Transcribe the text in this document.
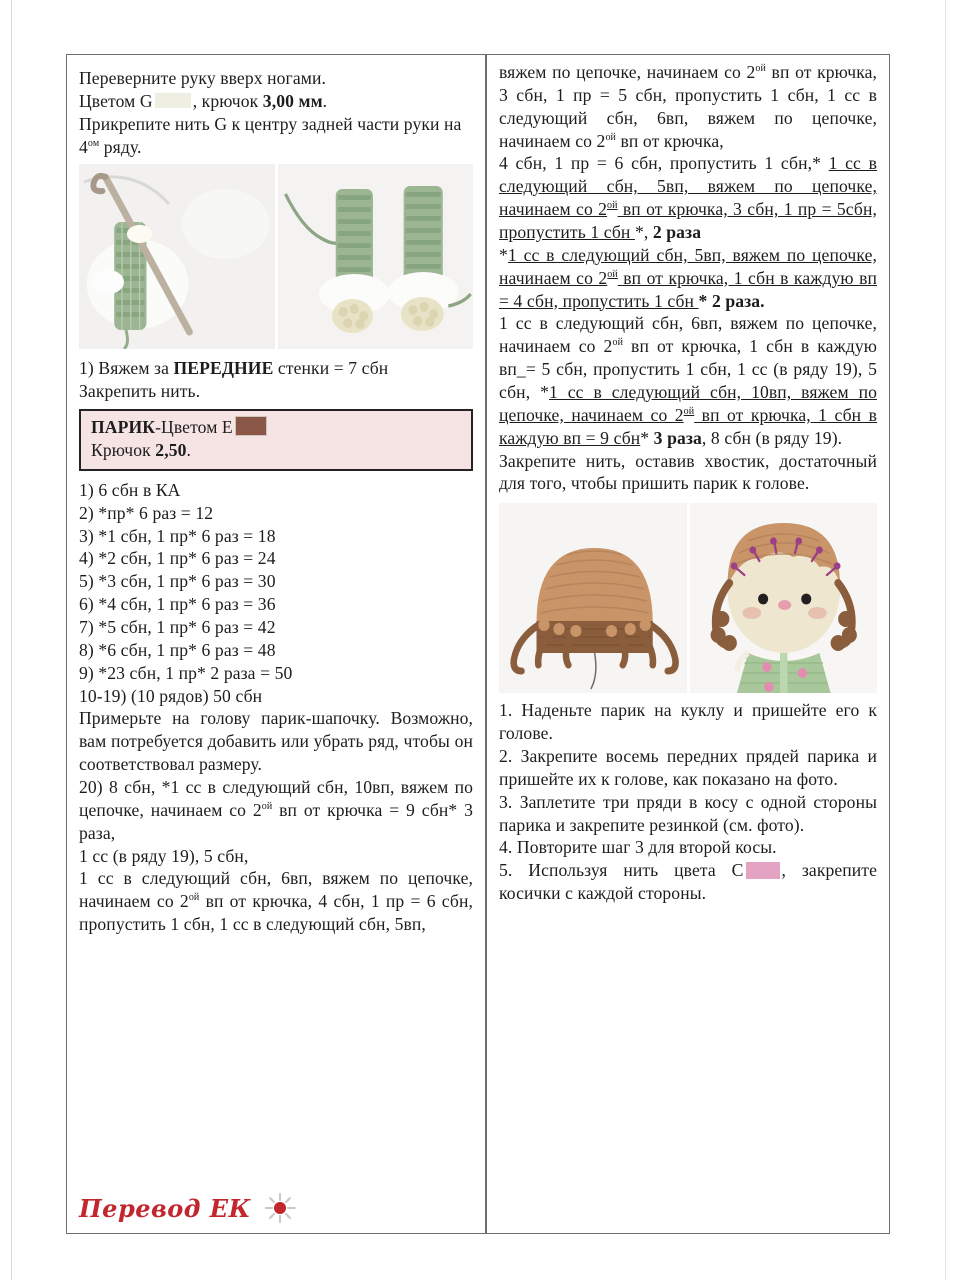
Переверните руку вверх ногами.

Цветом G , крючок 3,00 мм.

Прикрепите нить G к центру задней части руки на

$4^{ом}$ ряду.

1) Вяжем за ПЕРЕДНИЕ стенки = 7 сбн

Закрепить нить.

ПАРИК-Цветом E

Крючок 2,50.

1) 6 сбн в КА

2) *пр* 6 раз = 12

3) *1 сбн, 1 пр* 6 раз = 18

4) *2 сбн, 1 пр* 6 раз = 24

5) *3 сбн, 1 пр* 6 раз = 30

6) *4 сбн, 1 пр* 6 раз = 36

7) *5 сбн, 1 пр* 6 раз = 42

8) *6 сбн, 1 пр* 6 раз = 48

9) *23 сбн, 1 пр* 2 раза = 50

10-19) (10 рядов) 50 сбн

Примерьте на голову парик-шапочку. Возможно, вам потребуется добавить или убрать ряд, чтобы он соответствовал размеру.

20) 8 сбн, *1 сс в следующий сбн, 10вп, вяжем по цепочке, начинаем со $2^{ой}$ вп от крючка = 9 сбн* 3 раза,

1 сс (в ряду 19), 5 сбн,

1 сс в следующий сбн, 6вп, вяжем по цепочке, начинаем со $2^{ой}$ вп от крючка, 4 сбн, 1 пр = 6 сбн, пропустить 1 сбн, 1 сс в следующий сбн, 5вп,

Перевод ЕК

вяжем по цепочке, начинаем со $2^{ой}$ вп от крючка, 3 сбн, 1 пр = 5 сбн, пропустить 1 сбн, 1 сс в следующий сбн, 6вп, вяжем по цепочке, начинаем со $2^{ой}$ вп от крючка,

4 сбн, 1 пр = 6 сбн, пропустить 1 сбн,* 1 сс в следующий сбн, 5вп, вяжем по цепочке, начинаем со $2^{ой}$ вп от крючка, 3 сбн, 1 пр = 5сбн, пропустить 1 сбн *, 2 раза

*1 сс в следующий сбн, 5вп, вяжем по цепочке, начинаем со $2^{ой}$ вп от крючка, 1 сбн в каждую вп = 4 сбн, пропустить 1 сбн * 2 раза.

1 сс в следующий сбн, 6вп, вяжем по цепочке, начинаем со $2^{ой}$ вп от крючка, 1 сбн в каждую вп_= 5 сбн, пропустить 1 сбн, 1 сс (в ряду 19), 5 сбн, *1 сс в следующий сбн, 10вп, вяжем по цепочке, начинаем со $2^{ой}$ вп от крючка, 1 сбн в каждую вп = 9 сбн* 3 раза, 8 сбн (в ряду 19).

Закрепите нить, оставив хвостик, достаточный для того, чтобы пришить парик к голове.

1. Наденьте парик на куклу и пришейте его к голове.

2. Закрепите восемь передних прядей парика и пришейте их к голове, как показано на фото.

3. Заплетите три пряди в косу с одной стороны парика и закрепите резинкой (см. фото).

4. Повторите шаг 3 для второй косы.

5. Используя нить цвета C , закрепите косички с каждой стороны.
